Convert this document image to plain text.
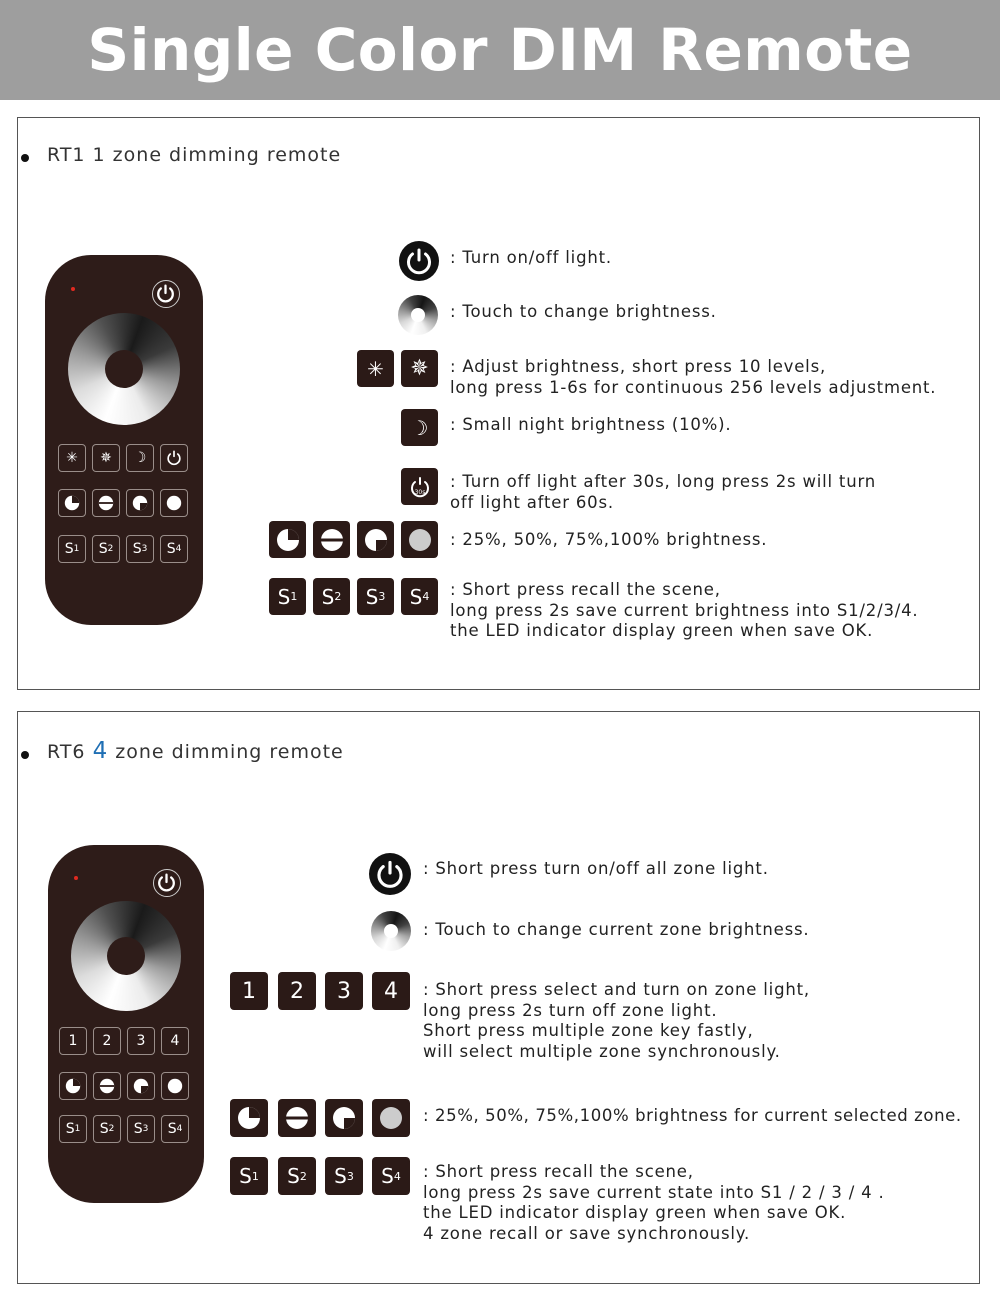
Single Color DIM Remote
RT1 1 zone dimming remote
✳	✵	☽
S 1 S 2 S 3 S 4
✳	✵
☽
30s
S 1 S 2 S 3 S 4
: Turn on/off light.
: Touch to change brightness.
: Adjust brightness, short press 10 levels,
long press 1-6s for continuous 256 levels adjustment.
: Small night brightness (10%).
: Turn off light after 30s, long press 2s will turn
off light after 60s.
: 25%, 50%, 75%,100% brightness.
: Short press recall the scene,
long press 2s save current brightness into S1/2/3/4.
the LED indicator display green when save OK.
RT6 4 zone dimming remote
1	2	3	4
S 1 S 2 S 3 S 4
1	2	3	4
S 1 S 2 S 3 S 4
: Short press turn on/off all zone light.
: Touch to change current zone brightness.
: Short press select and turn on zone light,
long press 2s turn off zone light.
Short press multiple zone key fastly,
will select multiple zone synchronously.
: 25%, 50%, 75%,100% brightness for current selected zone.
: Short press recall the scene,
long press 2s save current state into S1 / 2 / 3 / 4 .
the LED indicator display green when save OK.
4 zone recall or save synchronously.
